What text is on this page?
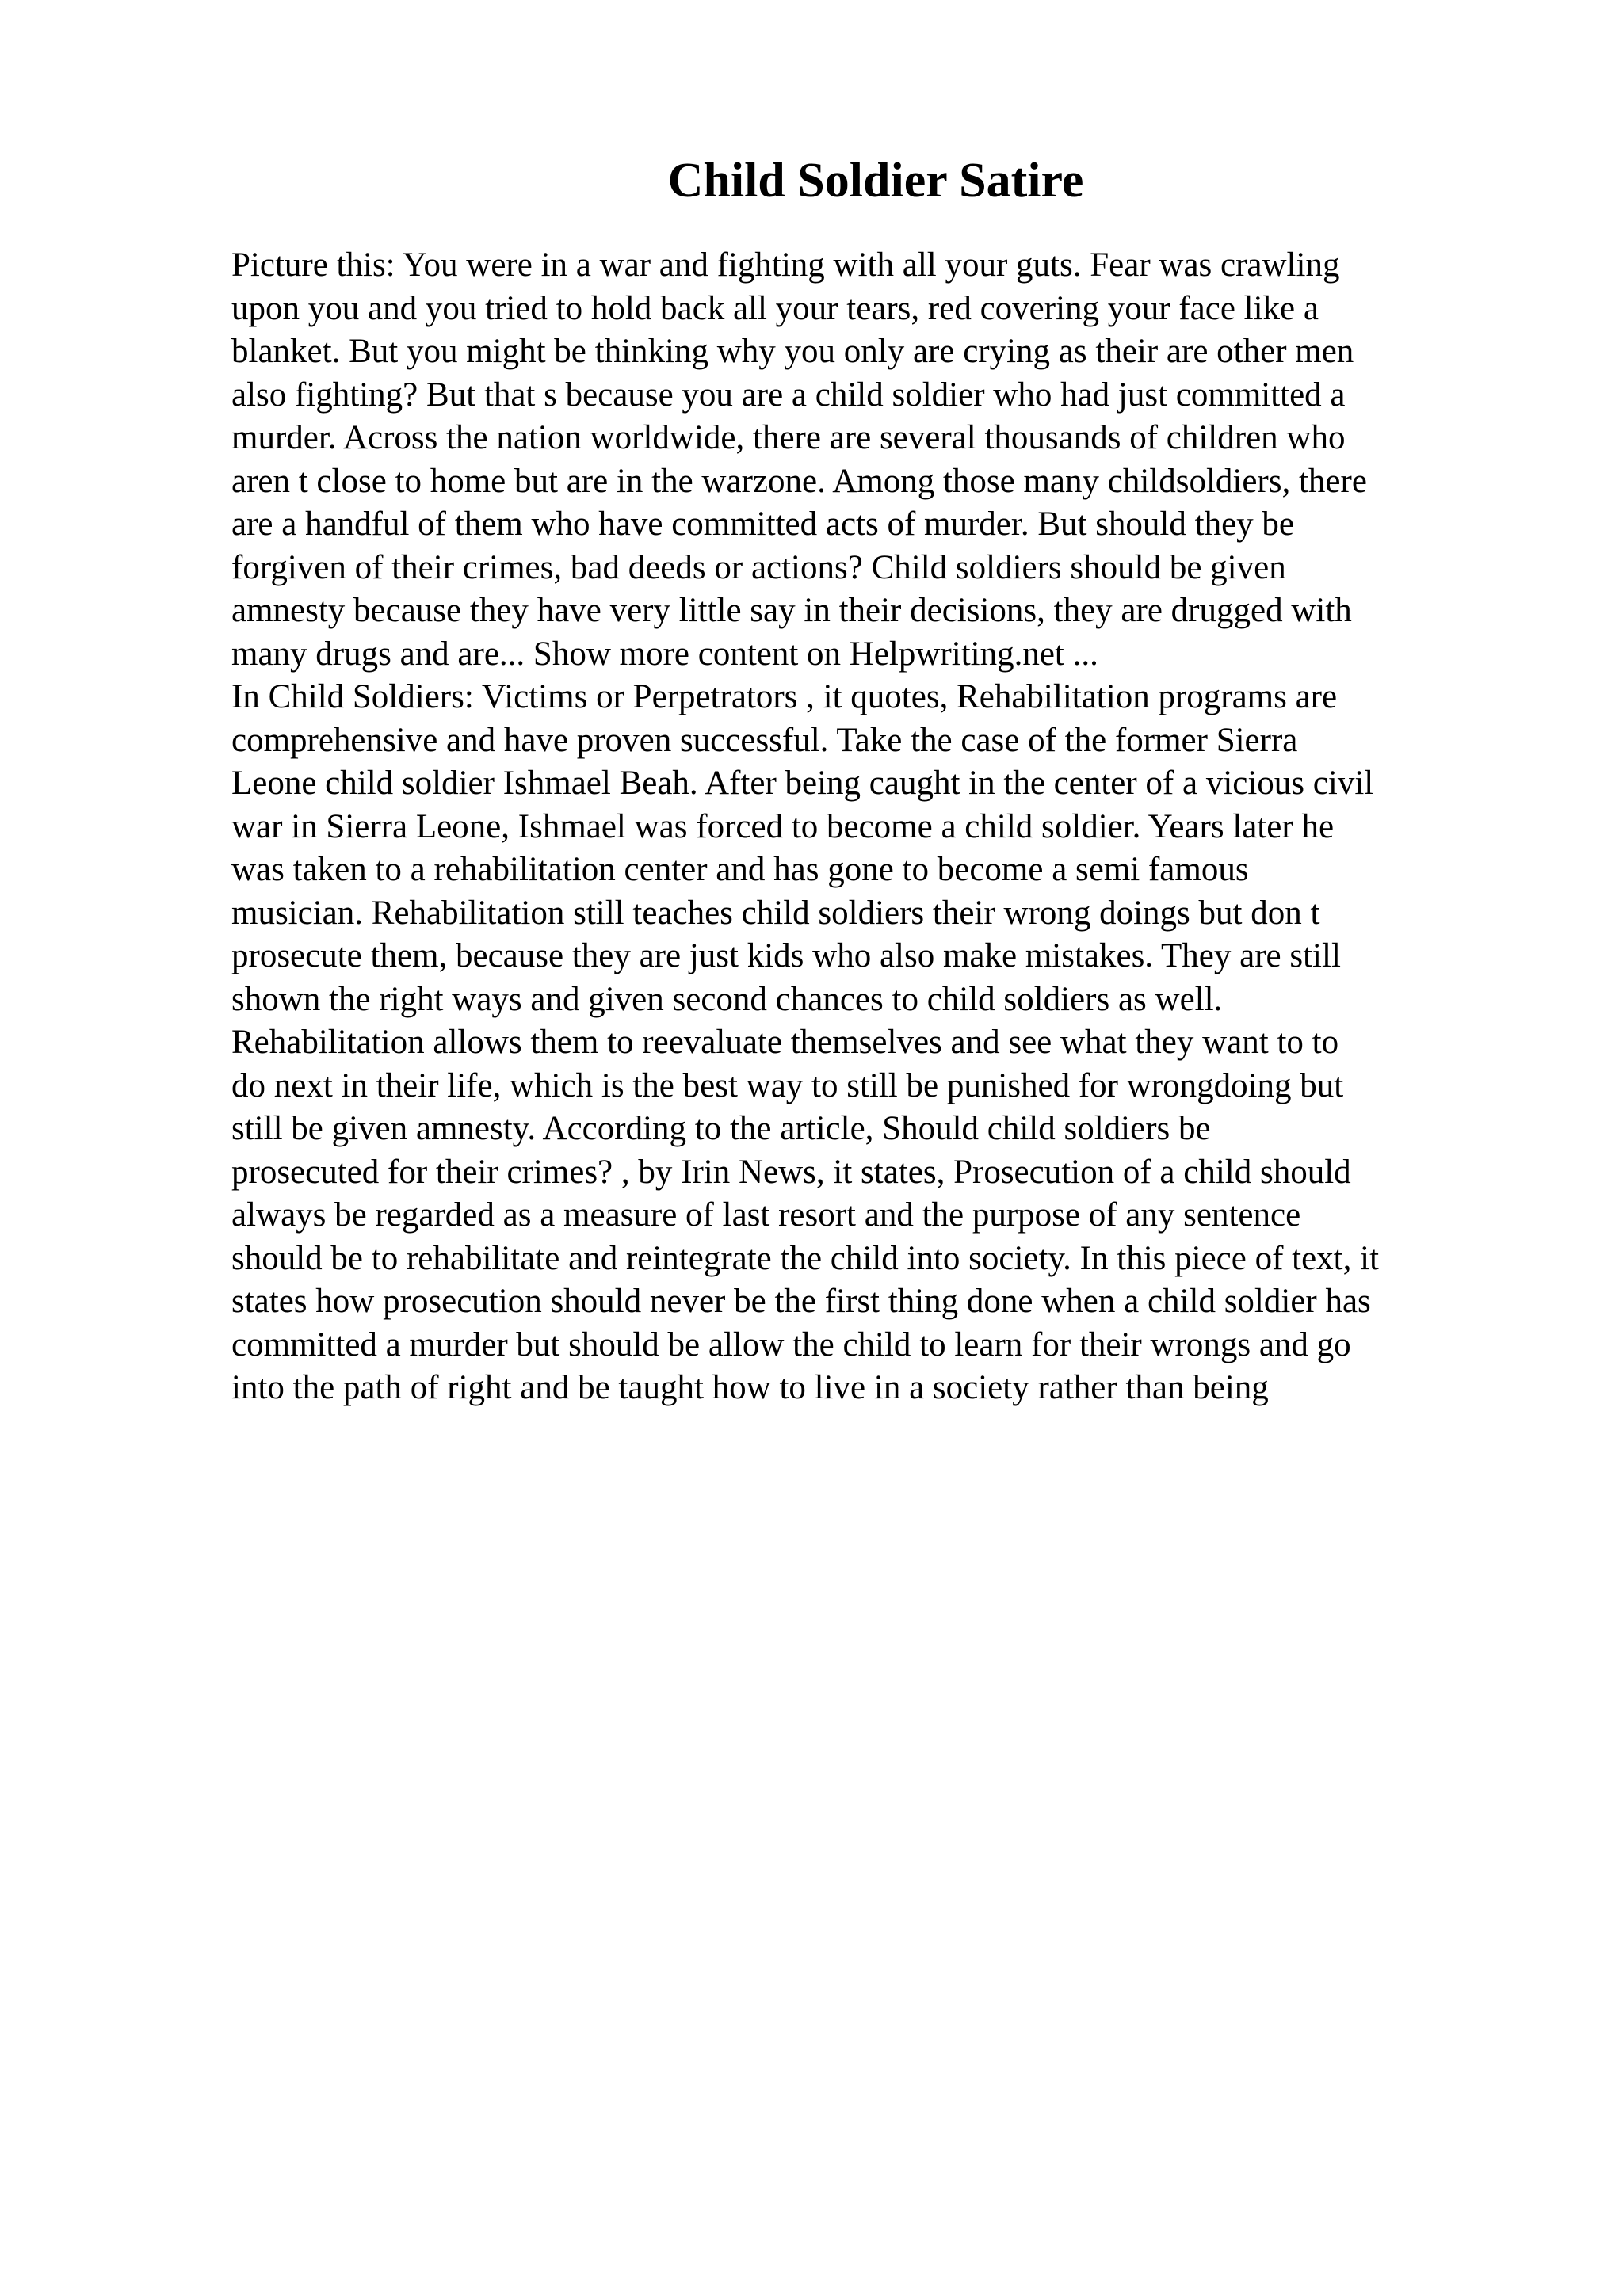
Child Soldier Satire
Picture this: You were in a war and fighting with all your guts. Fear was crawling
upon you and you tried to hold back all your tears, red covering your face like a
blanket. But you might be thinking why you only are crying as their are other men
also fighting? But that s because you are a child soldier who had just committed a
murder. Across the nation worldwide, there are several thousands of children who
aren t close to home but are in the warzone. Among those many childsoldiers, there
are a handful of them who have committed acts of murder. But should they be
forgiven of their crimes, bad deeds or actions? Child soldiers should be given
amnesty because they have very little say in their decisions, they are drugged with
many drugs and are... Show more content on Helpwriting.net ...
In Child Soldiers: Victims or Perpetrators , it quotes, Rehabilitation programs are
comprehensive and have proven successful. Take the case of the former Sierra
Leone child soldier Ishmael Beah. After being caught in the center of a vicious civil
war in Sierra Leone, Ishmael was forced to become a child soldier. Years later he
was taken to a rehabilitation center and has gone to become a semi famous
musician. Rehabilitation still teaches child soldiers their wrong doings but don t
prosecute them, because they are just kids who also make mistakes. They are still
shown the right ways and given second chances to child soldiers as well.
Rehabilitation allows them to reevaluate themselves and see what they want to to
do next in their life, which is the best way to still be punished for wrongdoing but
still be given amnesty. According to the article, Should child soldiers be
prosecuted for their crimes? , by Irin News, it states, Prosecution of a child should
always be regarded as a measure of last resort and the purpose of any sentence
should be to rehabilitate and reintegrate the child into society. In this piece of text, it
states how prosecution should never be the first thing done when a child soldier has
committed a murder but should be allow the child to learn for their wrongs and go
into the path of right and be taught how to live in a society rather than being
